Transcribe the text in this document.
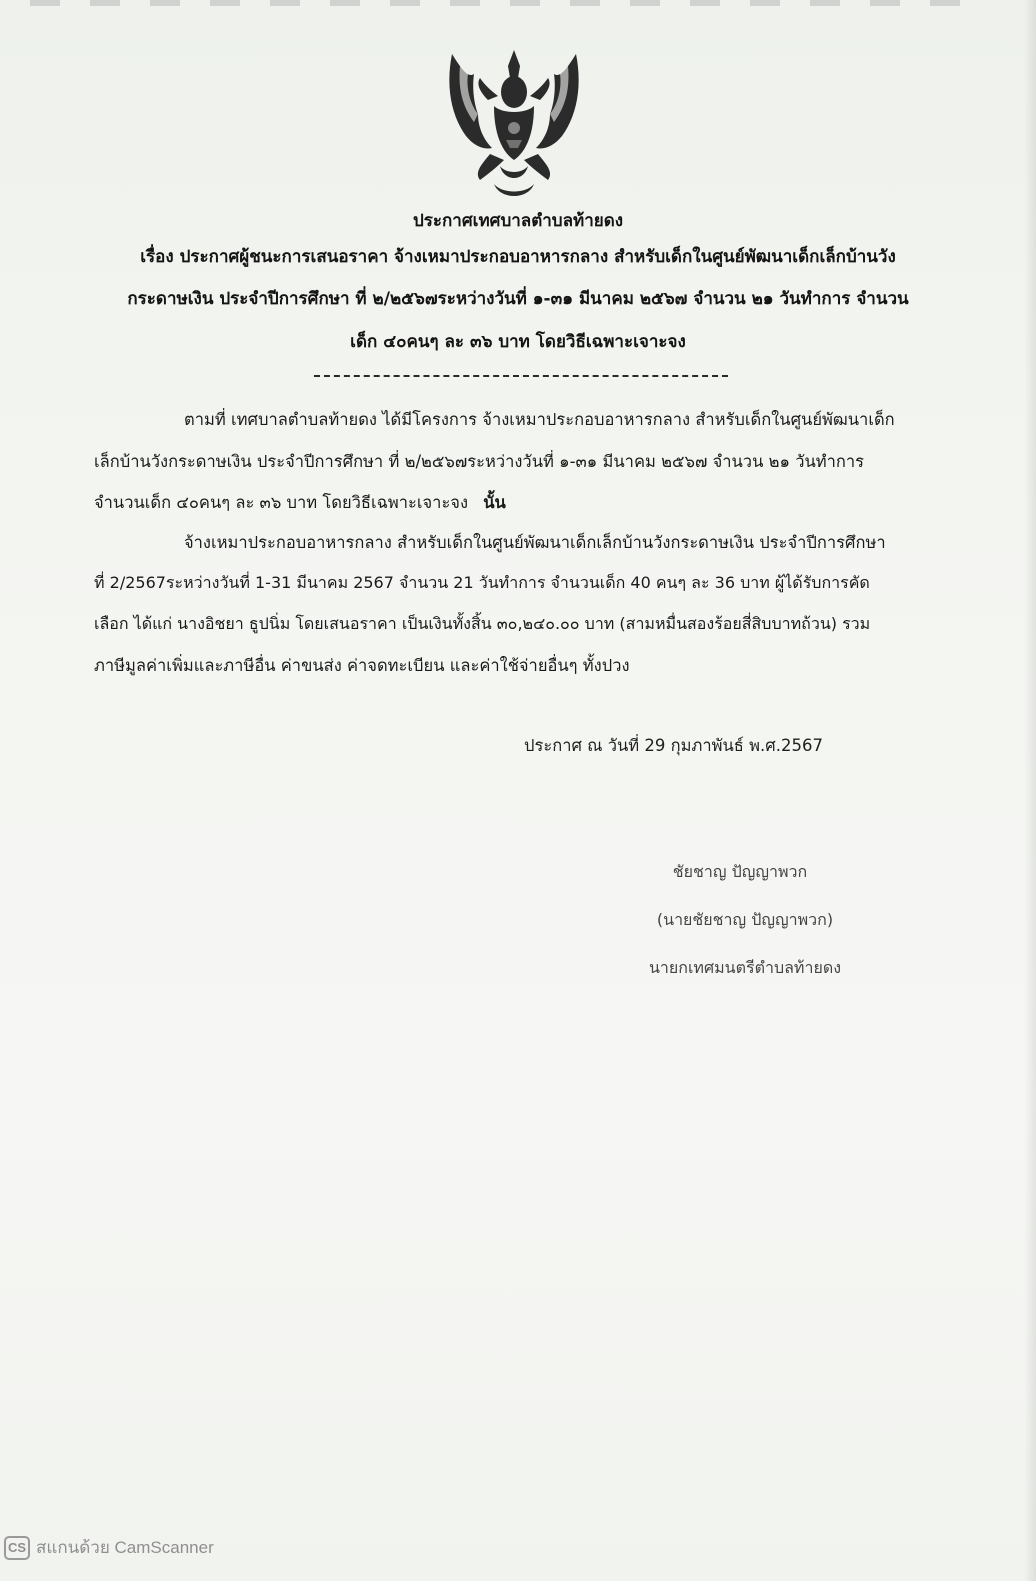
ประกาศเทศบาลตำบลท้ายดง
เรื่อง ประกาศผู้ชนะการเสนอราคา จ้างเหมาประกอบอาหารกลาง สำหรับเด็กในศูนย์พัฒนาเด็กเล็กบ้านวัง
กระดาษเงิน ประจำปีการศึกษา ที่ ๒/๒๕๖๗ระหว่างวันที่ ๑-๓๑ มีนาคม ๒๕๖๗ จำนวน ๒๑ วันทำการ จำนวน
เด็ก ๔๐คนๆ ละ ๓๖ บาท โดยวิธีเฉพาะเจาะจง
ตามที่ เทศบาลตำบลท้ายดง ได้มีโครงการ จ้างเหมาประกอบอาหารกลาง สำหรับเด็กในศูนย์พัฒนาเด็ก
เล็กบ้านวังกระดาษเงิน ประจำปีการศึกษา ที่ ๒/๒๕๖๗ระหว่างวันที่ ๑-๓๑ มีนาคม ๒๕๖๗ จำนวน ๒๑ วันทำการ
จำนวนเด็ก ๔๐คนๆ ละ ๓๖ บาท โดยวิธีเฉพาะเจาะจง นั้น
จ้างเหมาประกอบอาหารกลาง สำหรับเด็กในศูนย์พัฒนาเด็กเล็กบ้านวังกระดาษเงิน ประจำปีการศึกษา
ที่ 2/2567ระหว่างวันที่ 1-31 มีนาคม 2567 จำนวน 21 วันทำการ จำนวนเด็ก 40 คนๆ ละ 36 บาท ผู้ได้รับการคัด
เลือก ได้แก่ นางอิชยา ธูปนิ่ม โดยเสนอราคา เป็นเงินทั้งสิ้น ๓๐,๒๔๐.๐๐ บาท (สามหมื่นสองร้อยสี่สิบบาทถ้วน) รวม
ภาษีมูลค่าเพิ่มและภาษีอื่น ค่าขนส่ง ค่าจดทะเบียน และค่าใช้จ่ายอื่นๆ ทั้งปวง
ประกาศ ณ วันที่ 29 กุมภาพันธ์ พ.ศ.2567
ชัยชาญ ปัญญาพวก
(นายชัยชาญ ปัญญาพวก)
นายกเทศมนตรีตำบลท้ายดง
CS สแกนด้วย CamScanner
